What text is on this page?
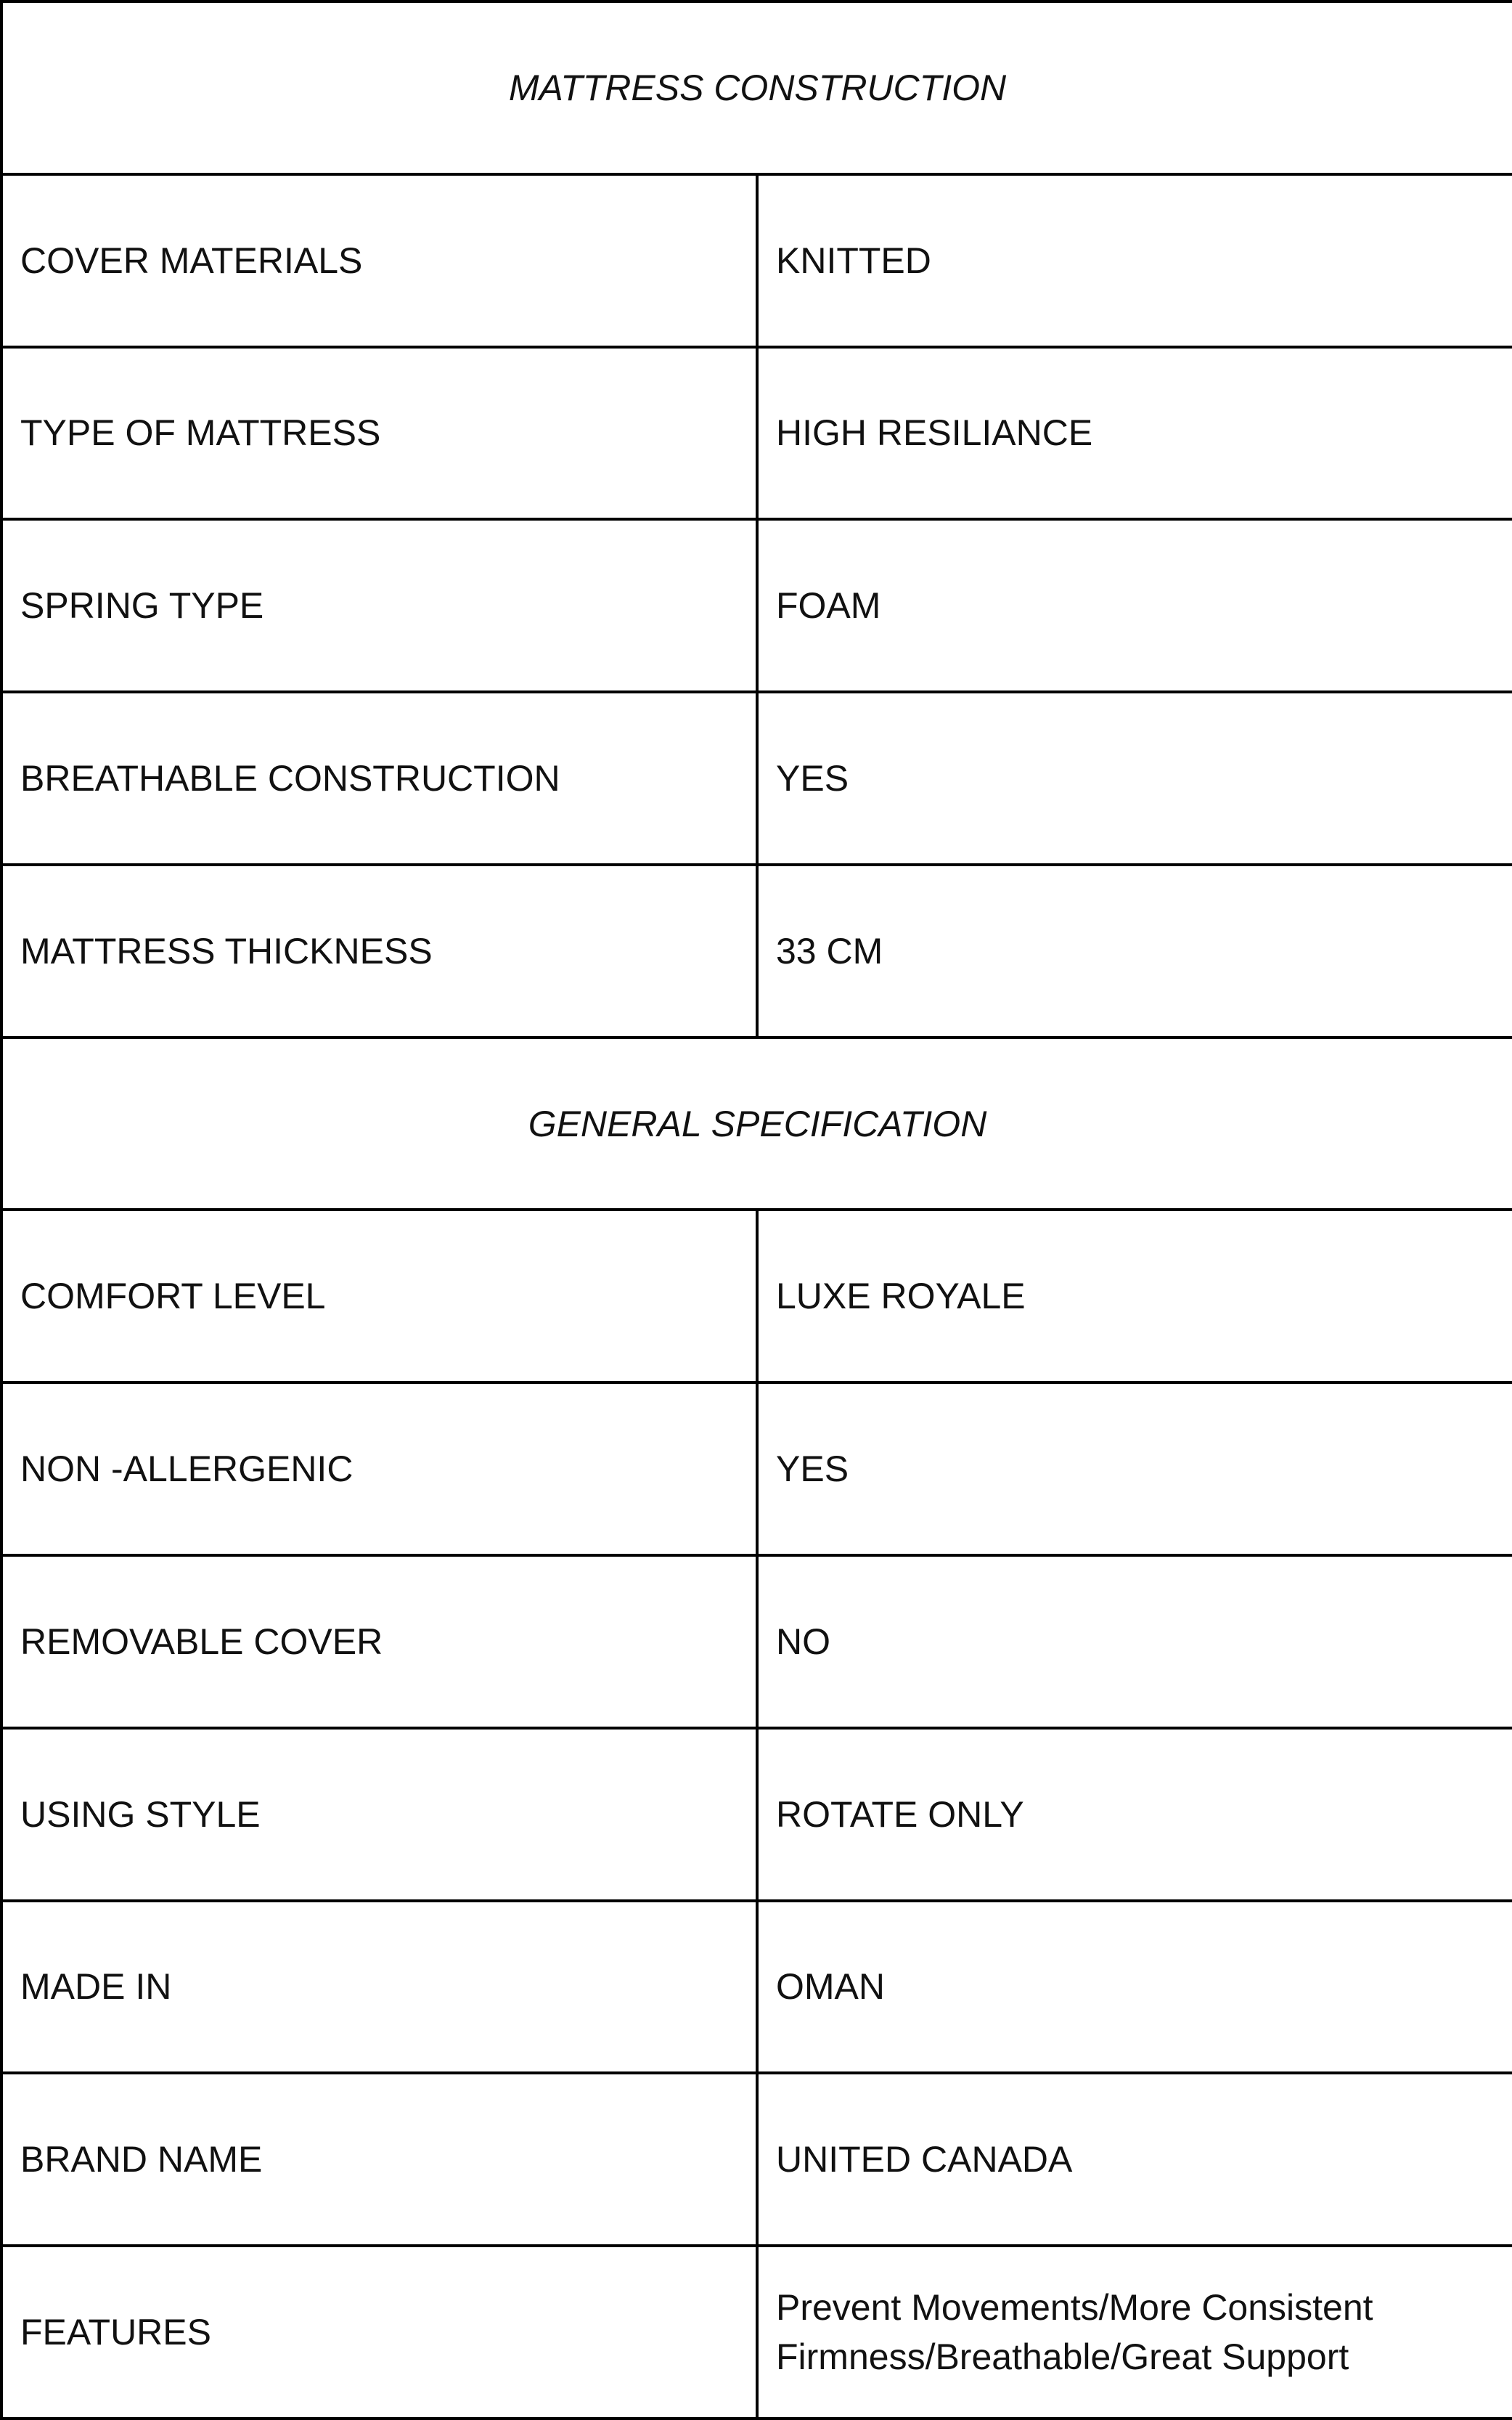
MATTRESS CONSTRUCTION	
COVER MATERIALS	KNITTED
TYPE OF MATTRESS	HIGH RESILIANCE
SPRING TYPE	FOAM
BREATHABLE CONSTRUCTION	YES
MATTRESS THICKNESS	33 CM
GENERAL SPECIFICATION	
COMFORT LEVEL	LUXE ROYALE
NON -ALLERGENIC	YES
REMOVABLE COVER	NO
USING STYLE	ROTATE ONLY
MADE IN	OMAN
BRAND NAME	UNITED CANADA
FEATURES	Prevent Movements/More Consistent Firmness/Breathable/Great Support
